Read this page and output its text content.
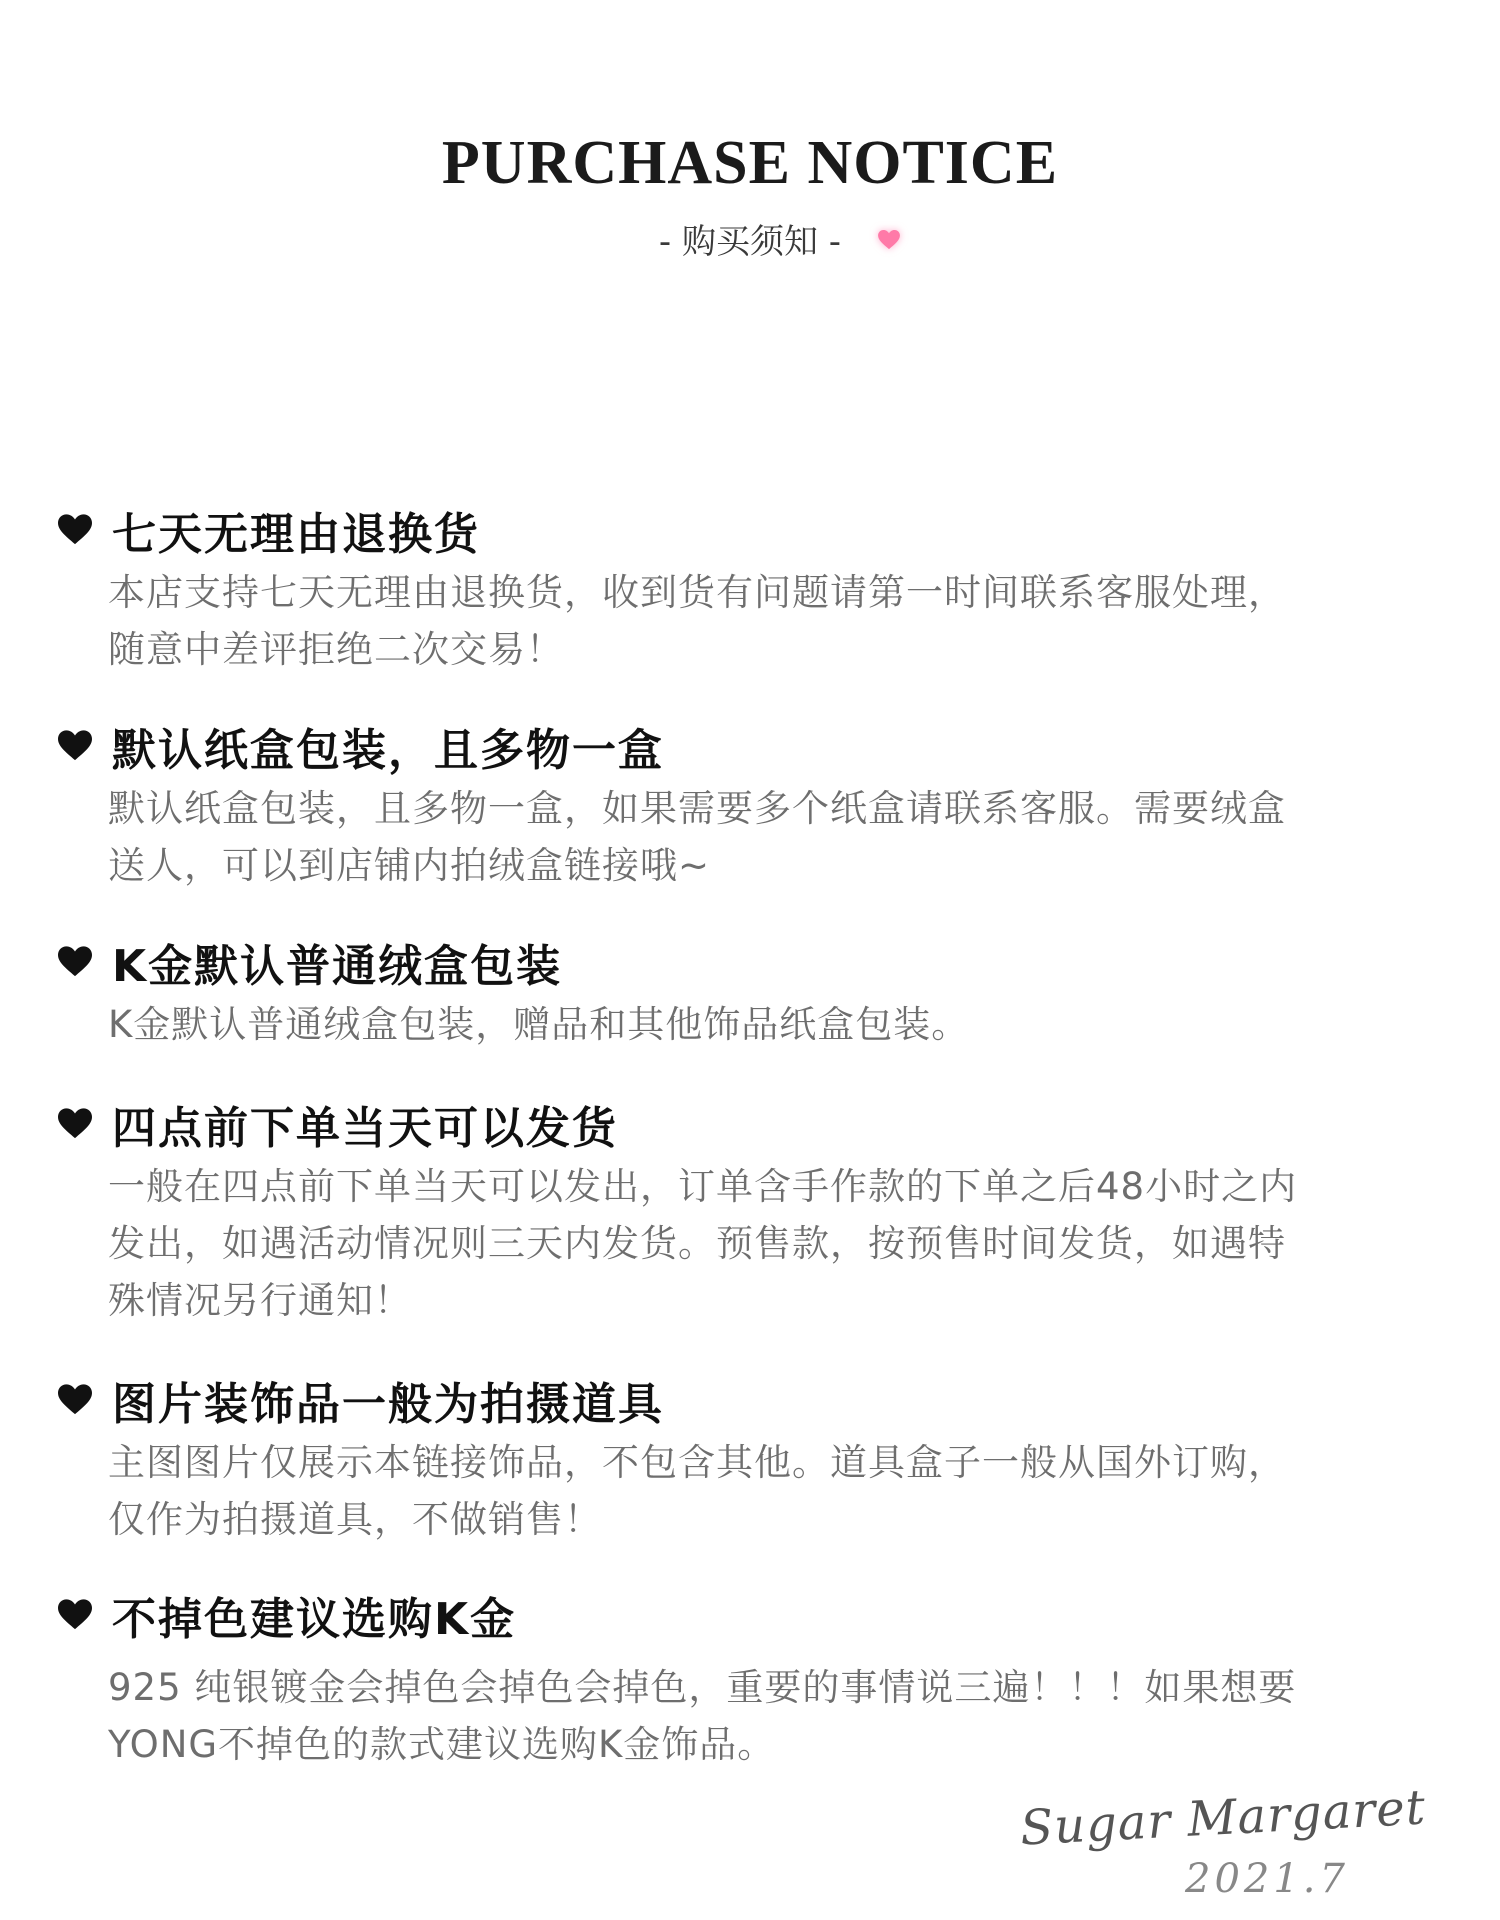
PURCHASE NOTICE
- 购买须知 -
七天无理由退换货
本店支持七天无理由退换货，收到货有问题请第一时间联系客服处理，
随意中差评拒绝二次交易！
默认纸盒包装，且多物一盒
默认纸盒包装，且多物一盒，如果需要多个纸盒请联系客服。需要绒盒
送人，可以到店铺内拍绒盒链接哦~
K金默认普通绒盒包装
K金默认普通绒盒包装，赠品和其他饰品纸盒包装。
四点前下单当天可以发货
一般在四点前下单当天可以发出，订单含手作款的下单之后48小时之内
发出，如遇活动情况则三天内发货。预售款，按预售时间发货，如遇特
殊情况另行通知！
图片装饰品一般为拍摄道具
主图图片仅展示本链接饰品，不包含其他。道具盒子一般从国外订购，
仅作为拍摄道具，不做销售！
不掉色建议选购K金
925 纯银镀金会掉色会掉色会掉色，重要的事情说三遍！！！如果想要
YONG不掉色的款式建议选购K金饰品。
Sugar Margaret
2021.7
